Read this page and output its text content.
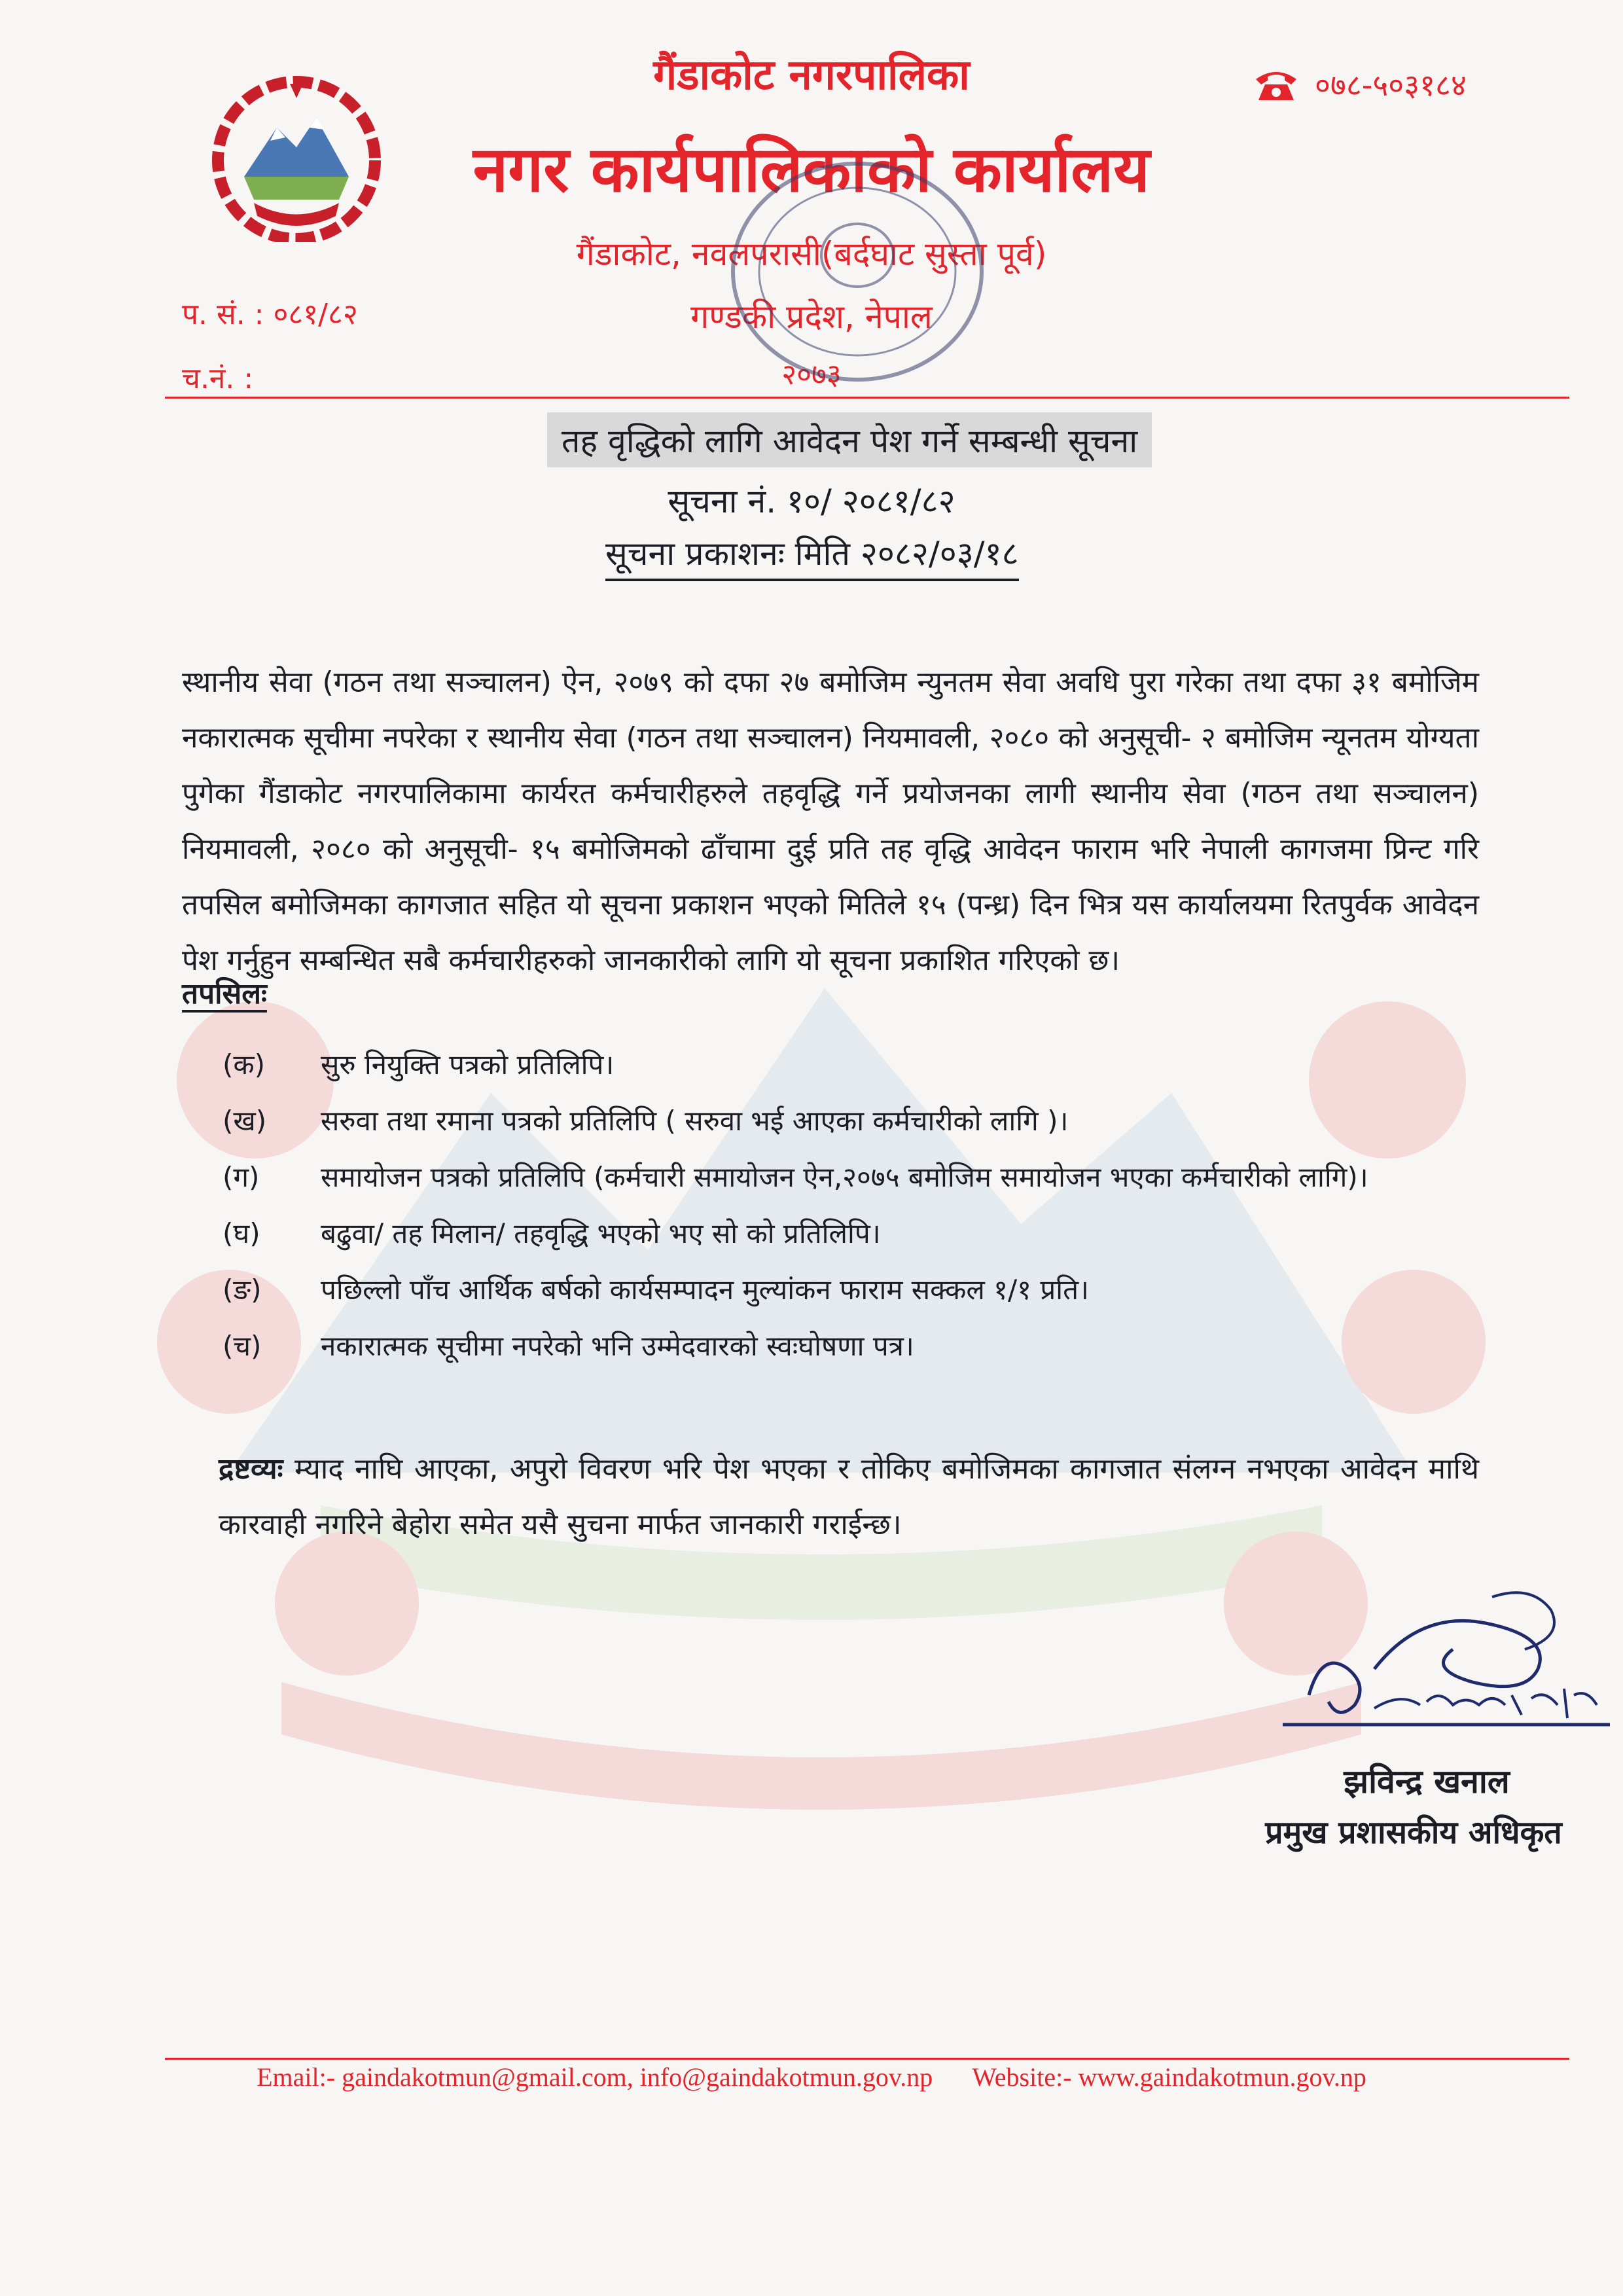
गैंडाकोट नगरपालिका
नगर कार्यपालिकाको कार्यालय
गैंडाकोट, नवलपरासी(बर्दघाट सुस्ता पूर्व)
गण्डकी प्रदेश, नेपाल
२०७३
०७८-५०३१८४
प. सं. : ०८१/८२
च.नं. :
तह वृद्धिको लागि आवेदन पेश गर्ने सम्बन्धी सूचना
सूचना नं. १०/ २०८१/८२
सूचना प्रकाशनः मिति २०८२/०३/१८
स्थानीय सेवा (गठन तथा सञ्चालन) ऐन, २०७९ को दफा २७ बमोजिम न्युनतम सेवा अवधि पुरा गरेका तथा दफा ३१ बमोजिम नकारात्मक सूचीमा नपरेका र स्थानीय सेवा (गठन तथा सञ्चालन) नियमावली, २०८० को अनुसूची- २ बमोजिम न्यूनतम योग्यता पुगेका गैंडाकोट नगरपालिकामा कार्यरत कर्मचारीहरुले तहवृद्धि गर्ने प्रयोजनका लागी स्थानीय सेवा (गठन तथा सञ्चालन) नियमावली, २०८० को अनुसूची- १५ बमोजिमको ढाँचामा दुई प्रति तह वृद्धि आवेदन फाराम भरि नेपाली कागजमा प्रिन्ट गरि तपसिल बमोजिमका कागजात सहित यो सूचना प्रकाशन भएको मितिले १५ (पन्ध्र) दिन भित्र यस कार्यालयमा रितपुर्वक आवेदन पेश गर्नुहुन सम्बन्धित सबै कर्मचारीहरुको जानकारीको लागि यो सूचना प्रकाशित गरिएको छ।
तपसिलः
(क)	सुरु नियुक्ति पत्रको प्रतिलिपि।
(ख)	सरुवा तथा रमाना पत्रको प्रतिलिपि ( सरुवा भई आएका कर्मचारीको लागि )।
(ग)	समायोजन पत्रको प्रतिलिपि (कर्मचारी समायोजन ऐन,२०७५ बमोजिम समायोजन भएका कर्मचारीको लागि)।
(घ)	बढुवा/ तह मिलान/ तहवृद्धि भएको भए सो को प्रतिलिपि।
(ङ)	पछिल्लो पाँच आर्थिक बर्षको कार्यसम्पादन मुल्यांकन फाराम सक्कल १/१ प्रति।
(च)	नकारात्मक सूचीमा नपरेको भनि उम्मेदवारको स्वःघोषणा पत्र।
द्रष्टव्यः म्याद नाघि आएका, अपुरो विवरण भरि पेश भएका र तोकिए बमोजिमका कागजात संलग्न नभएका आवेदन माथि कारवाही नगरिने बेहोरा समेत यसै सुचना मार्फत जानकारी गराईन्छ।
झविन्द्र खनाल
प्रमुख प्रशासकीय अधिकृत
Email:- gaindakotmun@gmail.com, info@gaindakotmun.gov.np Website:- www.gaindakotmun.gov.np
